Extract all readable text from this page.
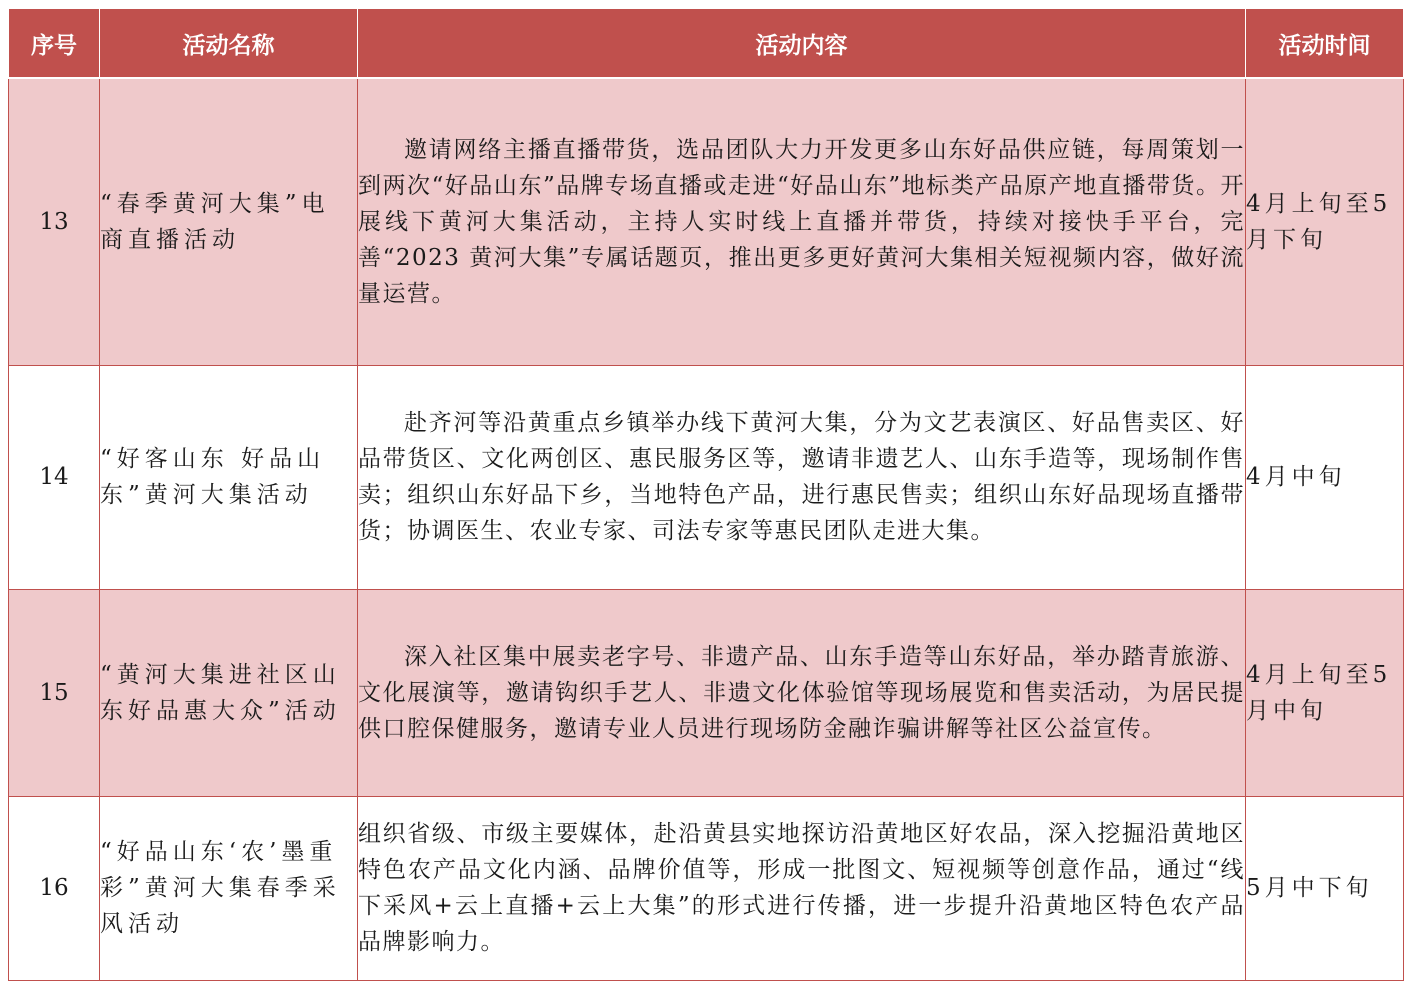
序号	活动名称	活动内容	活动时间
13	“春季黄河大集”电商直播活动	邀请网络主播直播带货，选品团队大力开发更多山东好品供应链，每周策划一到两次“好品山东”品牌专场直播或走进“好品山东”地标类产品原产地直播带货。开展线下黄河大集活动，主持人实时线上直播并带货，持续对接快手平台，完善“2023 黄河大集”专属话题页，推出更多更好黄河大集相关短视频内容，做好流量运营。	4月上旬至5月下旬
14	“好客山东 好品山东”黄河大集活动	赴齐河等沿黄重点乡镇举办线下黄河大集，分为文艺表演区、好品售卖区、好品带货区、文化两创区、惠民服务区等，邀请非遗艺人、山东手造等，现场制作售卖；组织山东好品下乡，当地特色产品，进行惠民售卖；组织山东好品现场直播带货；协调医生、农业专家、司法专家等惠民团队走进大集。	4月中旬
15	“黄河大集进社区山东好品惠大众”活动	深入社区集中展卖老字号、非遗产品、山东手造等山东好品，举办踏青旅游、文化展演等，邀请钩织手艺人、非遗文化体验馆等现场展览和售卖活动，为居民提供口腔保健服务，邀请专业人员进行现场防金融诈骗讲解等社区公益宣传。	4月上旬至5月中旬
16	“好品山东‘农’墨重彩”黄河大集春季采风活动	组织省级、市级主要媒体，赴沿黄县实地探访沿黄地区好农品，深入挖掘沿黄地区特色农产品文化内涵、品牌价值等，形成一批图文、短视频等创意作品，通过“线下采风+云上直播+云上大集”的形式进行传播，进一步提升沿黄地区特色农产品品牌影响力。	5月中下旬
